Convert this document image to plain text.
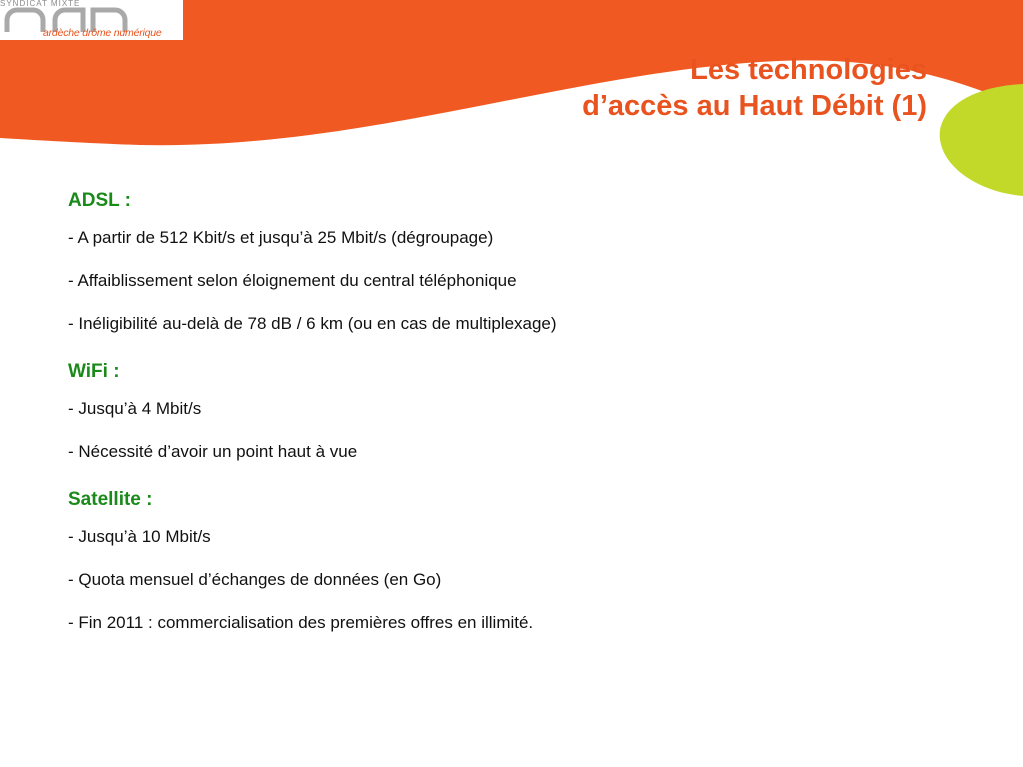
SYNDICAT MIXTE
ardèche drôme numérique
Les technologies
d’accès au Haut Débit (1)
ADSL :
- A partir de 512 Kbit/s et jusqu’à 25 Mbit/s (dégroupage)
- Affaiblissement selon éloignement du central téléphonique
- Inéligibilité au-delà de 78 dB / 6 km (ou en cas de multiplexage)
WiFi :
- Jusqu’à 4 Mbit/s
- Nécessité d’avoir un point haut à vue
Satellite :
- Jusqu’à 10 Mbit/s
- Quota mensuel d’échanges de données (en Go)
- Fin 2011 : commercialisation des premières offres en illimité.
